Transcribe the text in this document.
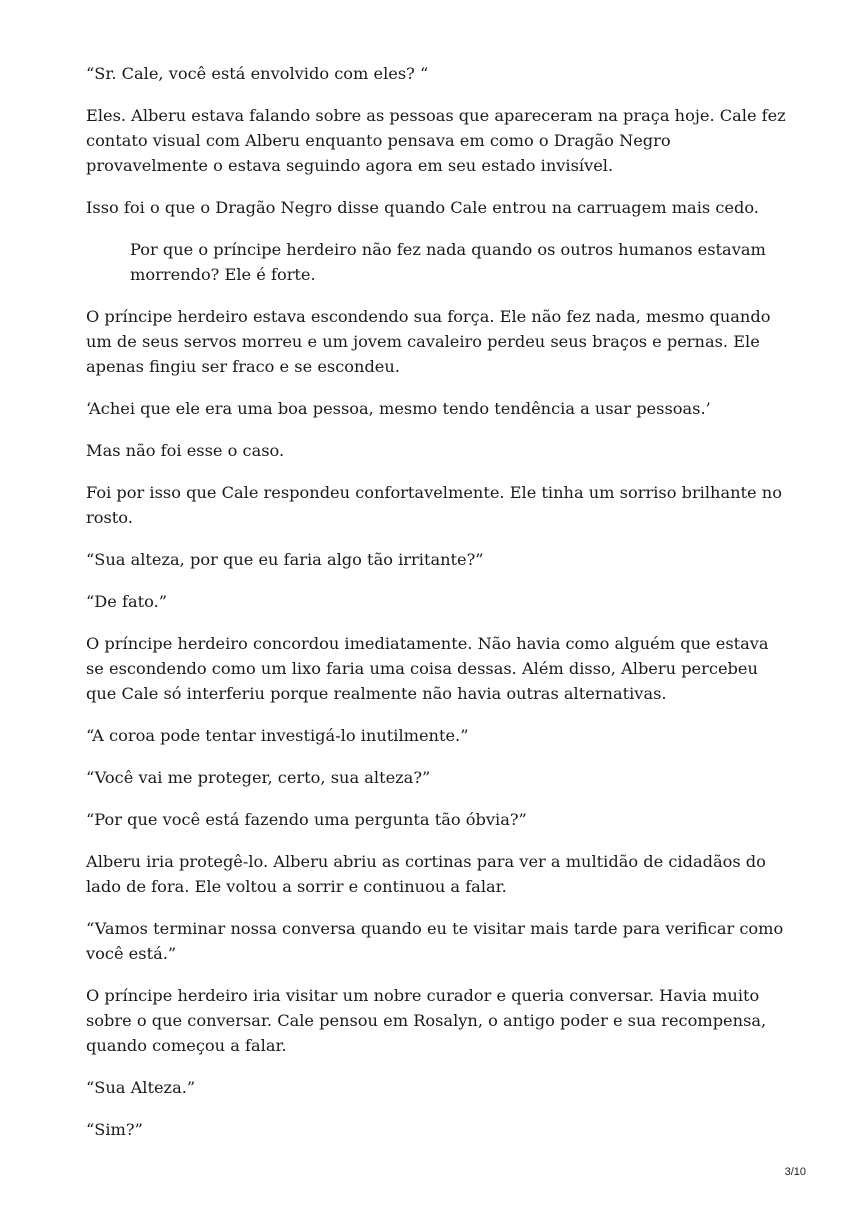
“Sr. Cale, você está envolvido com eles? “

Eles. Alberu estava falando sobre as pessoas que apareceram na praça hoje. Cale fez contato visual com Alberu enquanto pensava em como o Dragão Negro provavelmente o estava seguindo agora em seu estado invisível.

Isso foi o que o Dragão Negro disse quando Cale entrou na carruagem mais cedo.

Por que o príncipe herdeiro não fez nada quando os outros humanos estavam morrendo? Ele é forte.

O príncipe herdeiro estava escondendo sua força. Ele não fez nada, mesmo quando um de seus servos morreu e um jovem cavaleiro perdeu seus braços e pernas. Ele apenas fingiu ser fraco e se escondeu.

‘Achei que ele era uma boa pessoa, mesmo tendo tendência a usar pessoas.’

Mas não foi esse o caso.

Foi por isso que Cale respondeu confortavelmente. Ele tinha um sorriso brilhante no rosto.

“Sua alteza, por que eu faria algo tão irritante?”

“De fato.”

O príncipe herdeiro concordou imediatamente. Não havia como alguém que estava se escondendo como um lixo faria uma coisa dessas. Além disso, Alberu percebeu que Cale só interferiu porque realmente não havia outras alternativas.

“A coroa pode tentar investigá-lo inutilmente.”

“Você vai me proteger, certo, sua alteza?”

“Por que você está fazendo uma pergunta tão óbvia?”

Alberu iria protegê-lo. Alberu abriu as cortinas para ver a multidão de cidadãos do lado de fora. Ele voltou a sorrir e continuou a falar.

“Vamos terminar nossa conversa quando eu te visitar mais tarde para verificar como você está.”

O príncipe herdeiro iria visitar um nobre curador e queria conversar. Havia muito sobre o que conversar. Cale pensou em Rosalyn, o antigo poder e sua recompensa, quando começou a falar.

“Sua Alteza.”

“Sim?”

3/10
